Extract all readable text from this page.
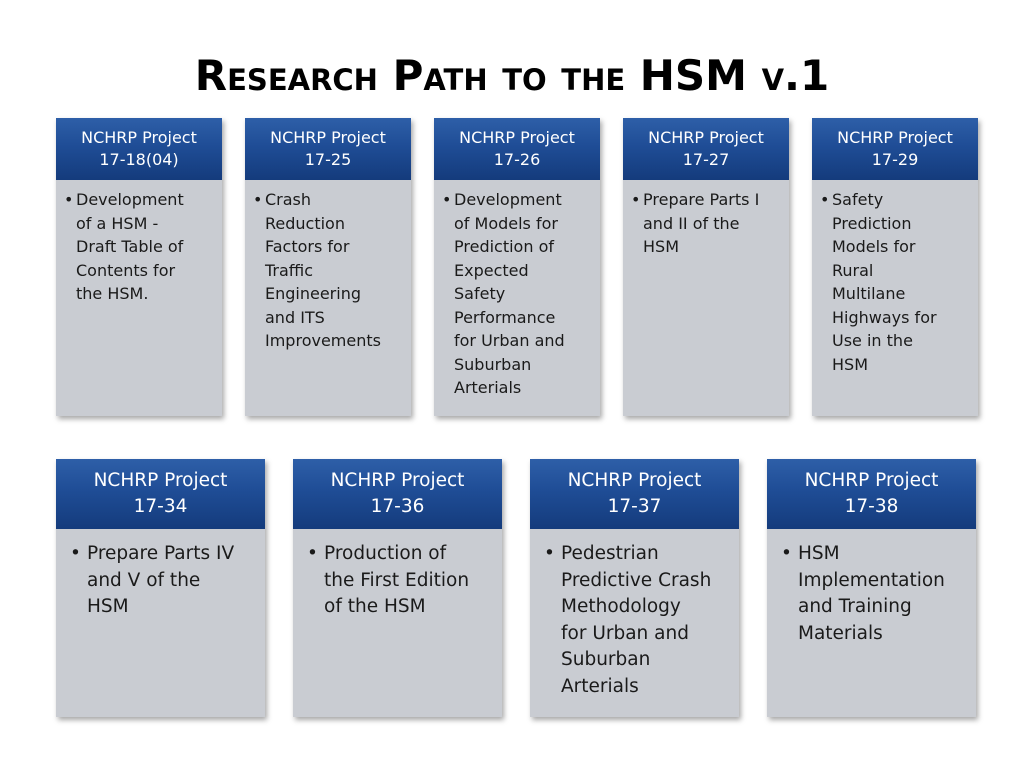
Research Path to the HSM v.1
NCHRP Project
17-18(04)
• Development
of a HSM -
Draft Table of
Contents for
the HSM.
NCHRP Project
17-25
• Crash
Reduction
Factors for
Traffic
Engineering
and ITS
Improvements
NCHRP Project
17-26
• Development
of Models for
Prediction of
Expected
Safety
Performance
for Urban and
Suburban
Arterials
NCHRP Project
17-27
• Prepare Parts I
and II of the
HSM
NCHRP Project
17-29
• Safety
Prediction
Models for
Rural
Multilane
Highways for
Use in the
HSM
NCHRP Project
17-34
• Prepare Parts IV
and V of the
HSM
NCHRP Project
17-36
• Production of
the First Edition
of the HSM
NCHRP Project
17-37
• Pedestrian
Predictive Crash
Methodology
for Urban and
Suburban
Arterials
NCHRP Project
17-38
• HSM
Implementation
and Training
Materials
